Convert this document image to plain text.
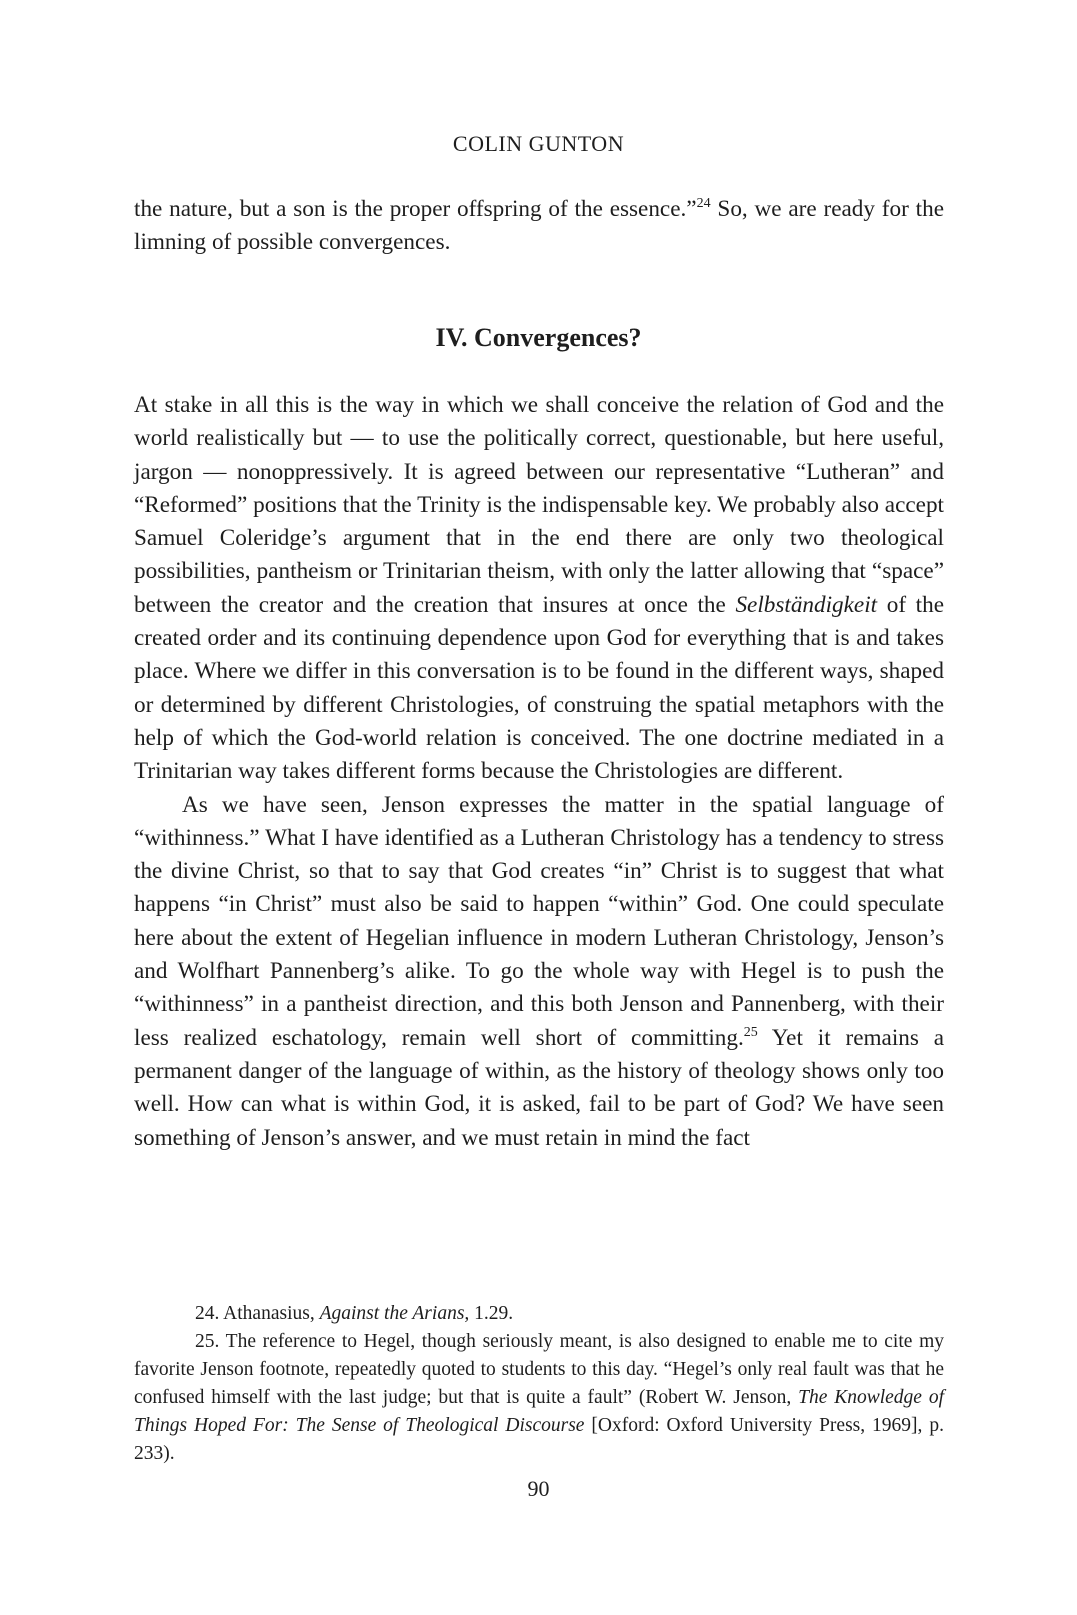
COLIN GUNTON

the nature, but a son is the proper offspring of the essence.”$^{24}$ So, we are ready for the limning of possible convergences.

IV. Convergences?

At stake in all this is the way in which we shall conceive the relation of God and the world realistically but — to use the politically correct, questionable, but here useful, jargon — nonoppressively. It is agreed between our representative “Lutheran” and “Reformed” positions that the Trinity is the indispensable key. We probably also accept Samuel Coleridge’s argument that in the end there are only two theological possibilities, pantheism or Trinitarian theism, with only the latter allowing that “space” between the creator and the creation that insures at once the Selbständigkeit of the created order and its continuing dependence upon God for everything that is and takes place. Where we differ in this conversation is to be found in the different ways, shaped or determined by different Christologies, of construing the spatial metaphors with the help of which the God-world relation is conceived. The one doctrine mediated in a Trinitarian way takes different forms because the Christologies are different.

As we have seen, Jenson expresses the matter in the spatial language of “withinness.” What I have identified as a Lutheran Christology has a tendency to stress the divine Christ, so that to say that God creates “in” Christ is to suggest that what happens “in Christ” must also be said to happen “within” God. One could speculate here about the extent of Hegelian influence in modern Lutheran Christology, Jenson’s and Wolfhart Pannenberg’s alike. To go the whole way with Hegel is to push the “withinness” in a pantheist direction, and this both Jenson and Pannenberg, with their less realized eschatology, remain well short of committing.$^{25}$ Yet it remains a permanent danger of the language of within, as the history of theology shows only too well. How can what is within God, it is asked, fail to be part of God? We have seen something of Jenson’s answer, and we must retain in mind the fact

24. Athanasius, Against the Arians, 1.29.

25. The reference to Hegel, though seriously meant, is also designed to enable me to cite my favorite Jenson footnote, repeatedly quoted to students to this day. “Hegel’s only real fault was that he confused himself with the last judge; but that is quite a fault” (Robert W. Jenson, The Knowledge of Things Hoped For: The Sense of Theological Discourse [Oxford: Oxford University Press, 1969], p. 233).

90
